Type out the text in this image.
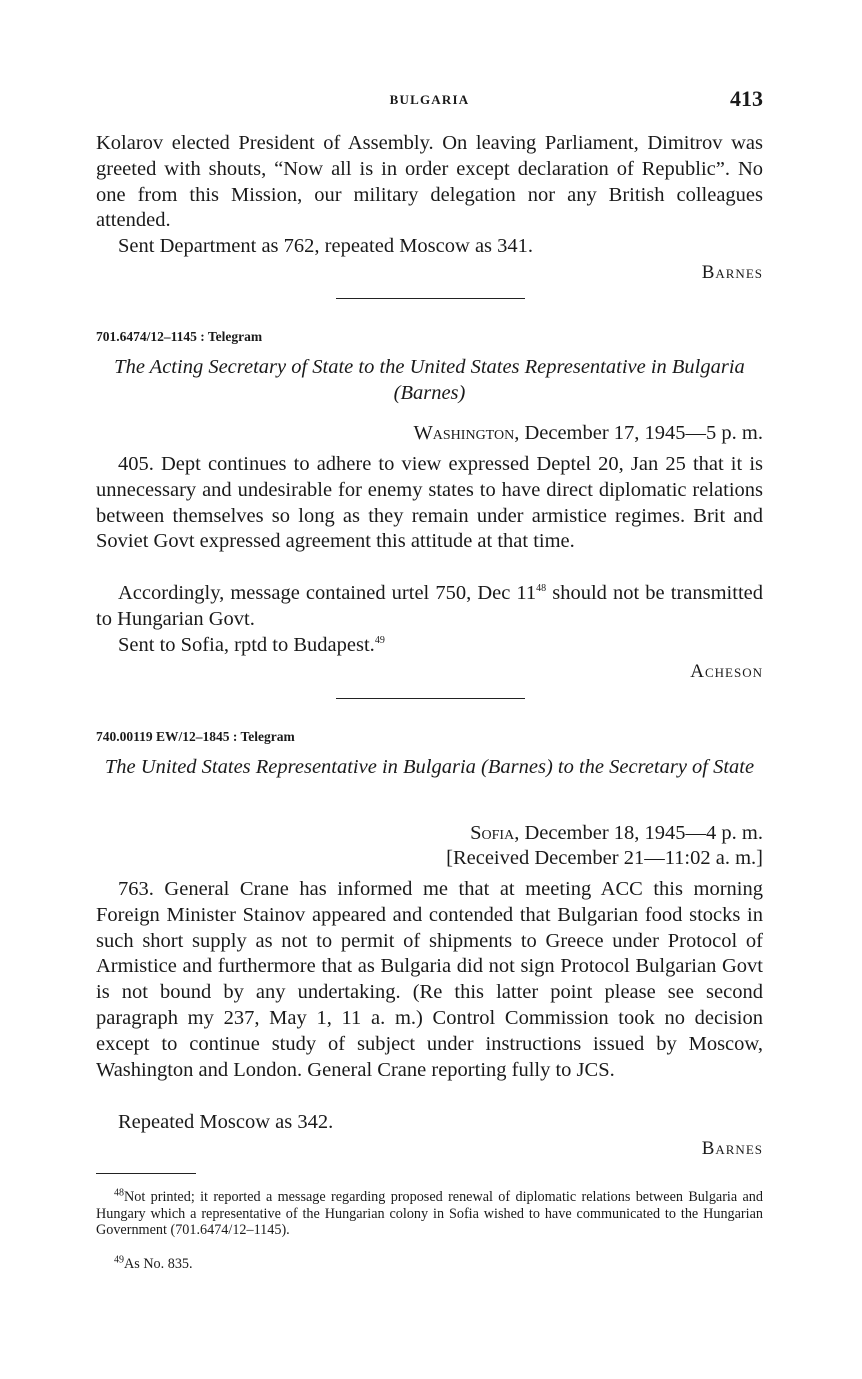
BULGARIA	413

Kolarov elected President of Assembly. On leaving Parliament, Dimitrov was greeted with shouts, “Now all is in order except declaration of Republic”. No one from this Mission, our military delegation nor any British colleagues attended.

Sent Department as 762, repeated Moscow as 341.

Barnes
701.6474/12–1145 : Telegram

The Acting Secretary of State to the United States Representative in Bulgaria (Barnes)

Washington, December 17, 1945—5 p. m.

405. Dept continues to adhere to view expressed Deptel 20, Jan 25 that it is unnecessary and undesirable for enemy states to have direct diplomatic relations between themselves so long as they remain under armistice regimes. Brit and Soviet Govt expressed agreement this attitude at that time.

Accordingly, message contained urtel 750, Dec $11^{48}$ should not be transmitted to Hungarian Govt.

Sent to Sofia, rptd to Budapest.$^{49}$

Acheson
740.00119 EW/12–1845 : Telegram

The United States Representative in Bulgaria (Barnes) to the Secretary of State

Sofia, December 18, 1945—4 p. m.
[Received December 21—11:02 a. m.]

763. General Crane has informed me that at meeting ACC this morning Foreign Minister Stainov appeared and contended that Bulgarian food stocks in such short supply as not to permit of shipments to Greece under Protocol of Armistice and furthermore that as Bulgaria did not sign Protocol Bulgarian Govt is not bound by any undertaking. (Re this latter point please see second paragraph my 237, May 1, 11 a. m.) Control Commission took no decision except to continue study of subject under instructions issued by Moscow, Washington and London. General Crane reporting fully to JCS.

Repeated Moscow as 342.

Barnes

$^{48}$Not printed; it reported a message regarding proposed renewal of diplomatic relations between Bulgaria and Hungary which a representative of the Hungarian colony in Sofia wished to have communicated to the Hungarian Government (701.6474/12–1145).

$^{49}$As No. 835.
